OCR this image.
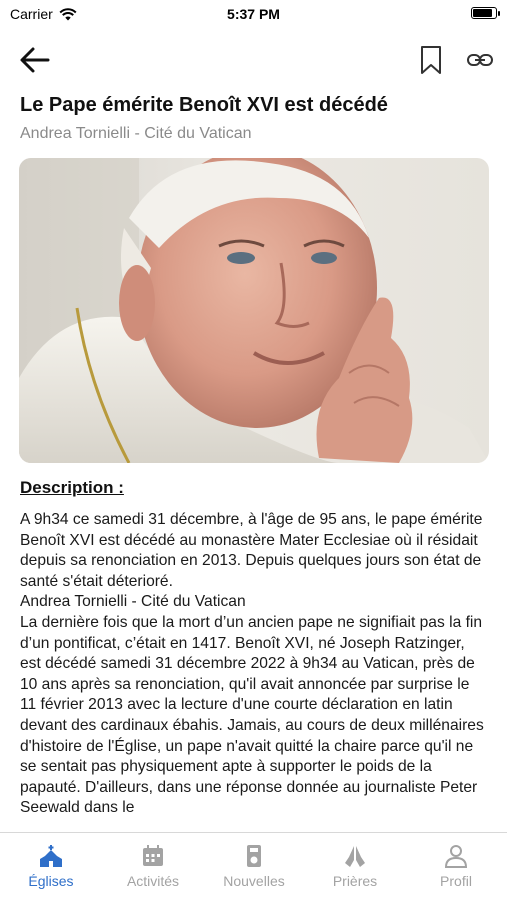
Carrier	5:37 PM
Le Pape émérite Benoît XVI est décédé
Andrea Tornielli - Cité du Vatican
Description :

A 9h34 ce samedi 31 décembre, à l'âge de 95 ans, le pape émérite Benoît XVI est décédé au monastère Mater Ecclesiae où il résidait depuis sa renonciation en 2013. Depuis quelques jours son état de santé s'était déterioré.

Andrea Tornielli - Cité du Vatican

La dernière fois que la mort d’un ancien pape ne signifiait pas la fin d’un pontificat, c’était en 1417. Benoît XVI, né Joseph Ratzinger, est décédé samedi 31 décembre 2022 à 9h34 au Vatican, près de 10 ans après sa renonciation, qu'il avait annoncée par surprise le 11 février 2013 avec la lecture d'une courte déclaration en latin devant des cardinaux ébahis. Jamais, au cours de deux millénaires d'histoire de l'Église, un pape n'avait quitté la chaire parce qu'il ne se sentait pas physiquement apte à supporter le poids de la papauté. D'ailleurs, dans une réponse donnée au journaliste Peter Seewald dans le

Églises	Activités	Nouvelles	Prières	Profil
